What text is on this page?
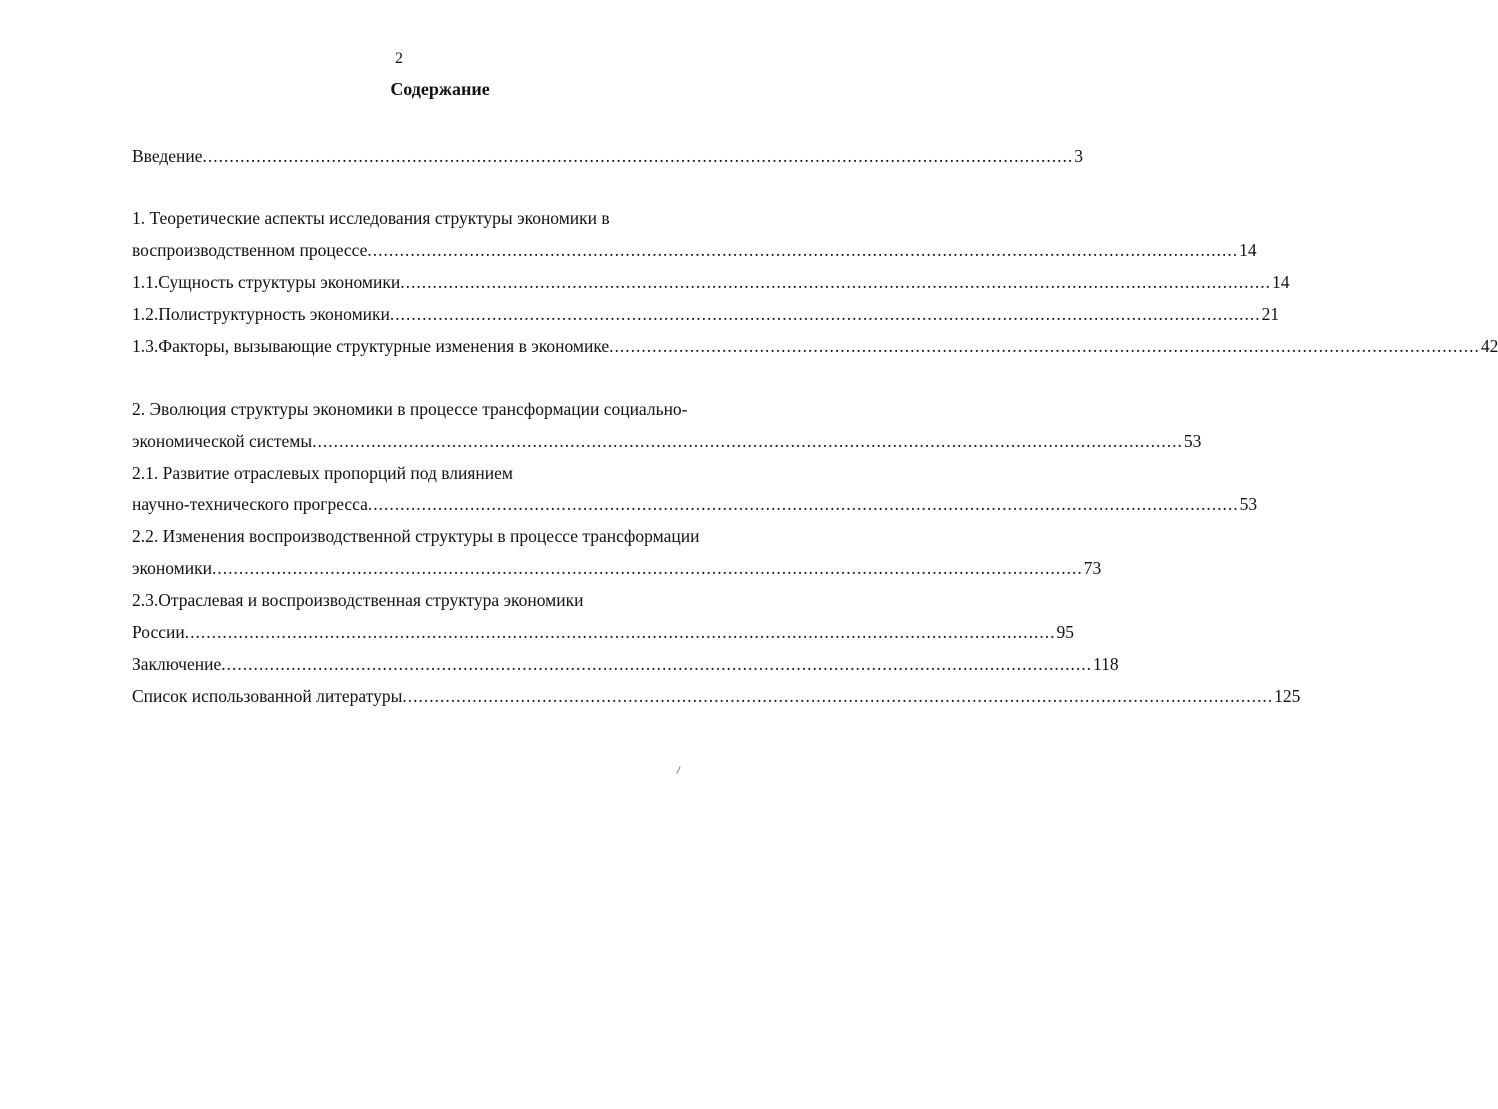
2
Содержание
Введение .................................................................................................................................................................. 3
1. Теоретические аспекты исследования структуры экономики в
воспроизводственном процессе .................................................................................................................................................................. 14
1.1.Сущность структуры экономики .................................................................................................................................................................. 14
1.2.Полиструктурность экономики .................................................................................................................................................................. 21
1.3.Факторы, вызывающие структурные изменения в экономике .................................................................................................................................................................. 42
2. Эволюция структуры экономики в процессе трансформации социально-
экономической системы .................................................................................................................................................................. 53
2.1. Развитие отраслевых пропорций под влиянием
научно-технического прогресса .................................................................................................................................................................. 53
2.2. Изменения воспроизводственной структуры в процессе трансформации
экономики .................................................................................................................................................................. 73
2.3.Отраслевая и воспроизводственная структура экономики
России .................................................................................................................................................................. 95
Заключение .................................................................................................................................................................. 118
Список использованной литературы .................................................................................................................................................................. 125
